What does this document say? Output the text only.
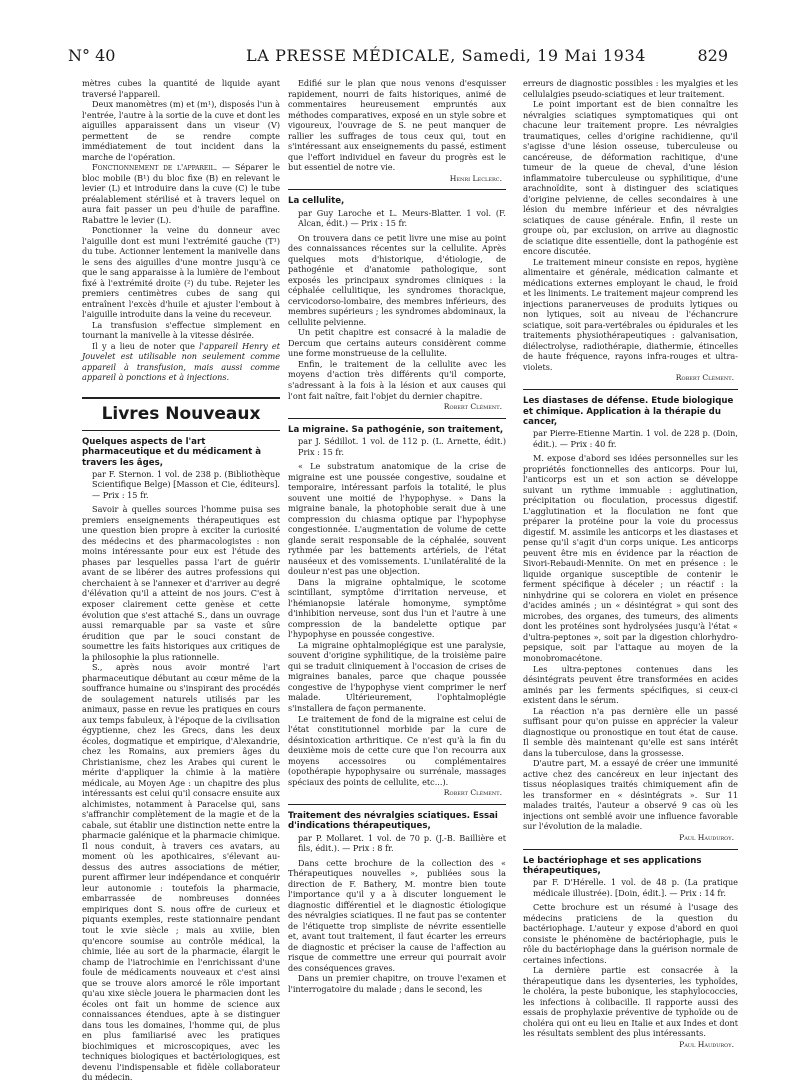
N° 40	LA PRESSE MÉDICALE, Samedi, 19 Mai 1934	829

mètres cubes la quantité de liquide ayant traversé l'appareil.

Deux manomètres (m) et (m¹), disposés l'un à l'entrée, l'autre à la sortie de la cuve et dont les aiguilles apparaissent dans un viseur (V) permettent de se rendre compte immédiatement de tout incident dans la marche de l'opération.

Fonctionnement de l'appareil. — Séparer le bloc mobile (B¹) du bloc fixe (B) en relevant le levier (L) et introduire dans la cuve (C) le tube préalablement stérilisé et à travers lequel on aura fait passer un peu d'huile de paraffine. Rabattre le levier (L).

Ponctionner la veine du donneur avec l'aiguille dont est muni l'extrémité gauche (T¹) du tube. Actionner lentement la manivelle dans le sens des aiguilles d'une montre jusqu'à ce que le sang apparaisse à la lumière de l'embout fixé à l'extrémité droite (²) du tube. Rejeter les premiers centimètres cubes de sang qui entraînent l'excès d'huile et ajuster l'embout à l'aiguille introduite dans la veine du receveur.

La transfusion s'effectue simplement en tournant la manivelle à la vitesse désirée.

Il y a lieu de noter que l'appareil Henry et Jouvelet est utilisable non seulement comme appareil à transfusion, mais aussi comme appareil à ponctions et à injections.

Livres Nouveaux
Quelques aspects de l'art pharmaceutique et du médicament à travers les âges,

par F. Sternon. 1 vol. de 238 p. (Bibliothèque Scientifique Belge) [Masson et Cie, éditeurs]. — Prix : 15 fr.

Savoir à quelles sources l'homme puisa ses premiers enseignements thérapeutiques est une question bien propre à exciter la curiosité des médecins et des pharmacologistes : non moins intéressante pour eux est l'étude des phases par lesquelles passa l'art de guérir avant de se libérer des autres professions qui cherchaient à se l'annexer et d'arriver au degré d'élévation qu'il a atteint de nos jours. C'est à exposer clairement cette genèse et cette évolution que s'est attaché S., dans un ouvrage aussi remarquable par sa vaste et sûre érudition que par le souci constant de soumettre les faits historiques aux critiques de la philosophie la plus rationnelle.

S., après nous avoir montré l'art pharmaceutique débutant au cœur même de la souffrance humaine ou s'inspirant des procédés de soulagement naturels utilisés par les animaux, passe en revue les pratiques en cours aux temps fabuleux, à l'époque de la civilisation égyptienne, chez les Grecs, dans les deux écoles, dogmatique et empirique, d'Alexandrie, chez les Romains, aux premiers âges du Christianisme, chez les Arabes qui curent le mérite d'appliquer la chimie à la matière médicale, au Moyen Age : un chapitre des plus intéressants est celui qu'il consacre ensuite aux alchimistes, notamment à Paracelse qui, sans s'affranchir complètement de la magie et de la cabale, sut établir une distinction nette entre la pharmacie galénique et la pharmacie chimique. Il nous conduit, à travers ces avatars, au moment où les apothicaires, s'élevant au-dessus des autres associations de métier, purent affirmer leur indépendance et conquérir leur autonomie : toutefois la pharmacie, embarrassée de nombreuses données empiriques dont S. nous offre de curieux et piquants exemples, reste stationnaire pendant tout le xvie siècle ; mais au xviiie, bien qu'encore soumise au contrôle médical, la chimie, liée au sort de la pharmacie, élargit le champ de l'iatrochimie en l'enrichissant d'une foule de médicaments nouveaux et c'est ainsi que se trouve alors amorcé le rôle important qu'au xixe siècle jouera le pharmacien dont les écoles ont fait un homme de science aux connaissances étendues, apte à se distinguer dans tous les domaines, l'homme qui, de plus en plus familiarisé avec les pratiques biochimiques et microscopiques, avec les techniques biologiques et bactériologiques, est devenu l'indispensable et fidèle collaborateur du médecin.

Edifié sur le plan que nous venons d'esquisser rapidement, nourri de faits historiques, animé de commentaires heureusement empruntés aux méthodes comparatives, exposé en un style sobre et vigoureux, l'ouvrage de S. ne peut manquer de rallier les suffrages de tous ceux qui, tout en s'intéressant aux enseignements du passé, estiment que l'effort individuel en faveur du progrès est le but essentiel de notre vie.

Henri Leclerc.

La cellulite,

par Guy Laroche et L. Meurs-Blatter. 1 vol. (F. Alcan, édit.) — Prix : 15 fr.

On trouvera dans ce petit livre une mise au point des connaissances récentes sur la cellulite. Après quelques mots d'historique, d'étiologie, de pathogénie et d'anatomie pathologique, sont exposés les principaux syndromes cliniques : la céphalée cellulitique, les syndromes thoracique, cervicodorso-lombaire, des membres inférieurs, des membres supérieurs ; les syndromes abdominaux, la cellulite pelvienne.

Un petit chapitre est consacré à la maladie de Dercum que certains auteurs considèrent comme une forme monstrueuse de la cellulite.

Enfin, le traitement de la cellulite avec les moyens d'action très différents qu'il comporte, s'adressant à la fois à la lésion et aux causes qui l'ont fait naître, fait l'objet du dernier chapitre.

Robert Clément.

La migraine. Sa pathogénie, son traitement,

par J. Sédillot. 1 vol. de 112 p. (L. Arnette, édit.) Prix : 15 fr.

« Le substratum anatomique de la crise de migraine est une poussée congestive, soudaine et temporaire, intéressant parfois la totalité, le plus souvent une moitié de l'hypophyse. » Dans la migraine banale, la photophobie serait due à une compression du chiasma optique par l'hypophyse congestionnée. L'augmentation de volume de cette glande serait responsable de la céphalée, souvent rythmée par les battements artériels, de l'état nauséeux et des vomissements. L'unilatéralité de la douleur n'est pas une objection.

Dans la migraine ophtalmique, le scotome scintillant, symptôme d'irritation nerveuse, et l'hémianopsie latérale homonyme, symptôme d'inhibition nerveuse, sont dus l'un et l'autre à une compression de la bandelette optique par l'hypophyse en poussée congestive.

La migraine ophtalmoplégique est une paralysie, souvent d'origine syphilitique, de la troisième paire qui se traduit cliniquement à l'occasion de crises de migraines banales, parce que chaque poussée congestive de l'hypophyse vient comprimer le nerf malade. Ultérieurement, l'ophtalmoplégie s'installera de façon permanente.

Le traitement de fond de la migraine est celui de l'état constitutionnel morbide par la cure de désintoxication arthritique. Ce n'est qu'à la fin du deuxième mois de cette cure que l'on recourra aux moyens accessoires ou complémentaires (opothérapie hypophysaire ou surrénale, massages spéciaux des points de cellulite, etc...).

Robert Clément.

Traitement des névralgies sciatiques. Essai d'indications thérapeutiques,

par P. Mollaret. 1 vol. de 70 p. (J.-B. Baillière et fils, édit.). — Prix : 8 fr.

Dans cette brochure de la collection des « Thérapeutiques nouvelles », publiées sous la direction de F. Bathery, M. montre bien toute l'importance qu'il y a à discuter longuement le diagnostic différentiel et le diagnostic étiologique des névralgies sciatiques. Il ne faut pas se contenter de l'étiquette trop simpliste de névrite essentielle et, avant tout traitement, il faut écarter les erreurs de diagnostic et préciser la cause de l'affection au risque de commettre une erreur qui pourrait avoir des conséquences graves.

Dans un premier chapitre, on trouve l'examen et l'interrogatoire du malade ; dans le second, les

erreurs de diagnostic possibles : les myalgies et les cellulalgies pseudo-sciatiques et leur traitement.

Le point important est de bien connaître les névralgies sciatiques symptomatiques qui ont chacune leur traitement propre. Les névralgies traumatiques, celles d'origine rachidienne, qu'il s'agisse d'une lésion osseuse, tuberculeuse ou cancéreuse, de déformation rachitique, d'une tumeur de la queue de cheval, d'une lésion inflammatoire tuberculeuse ou syphilitique, d'une arachnoïdite, sont à distinguer des sciatiques d'origine pelvienne, de celles secondaires à une lésion du membre inférieur et des névralgies sciatiques de cause générale. Enfin, il reste un groupe où, par exclusion, on arrive au diagnostic de sciatique dite essentielle, dont la pathogénie est encore discutée.

Le traitement mineur consiste en repos, hygiène alimentaire et générale, médication calmante et médications externes employant le chaud, le froid et les liniments. Le traitement majeur comprend les injections paranerveuses de produits lytiques ou non lytiques, soit au niveau de l'échancrure sciatique, soit para-vertébrales ou épidurales et les traitements physiothérapeutiques : galvanisation, diélectrolyse, radiothérapie, diathermie, étincelles de haute fréquence, rayons infra-rouges et ultra-violets.

Robert Clément.

Les diastases de défense. Etude biologique et chimique. Application à la thérapie du cancer,

par Pierre-Etienne Martin. 1 vol. de 228 p. (Doin, édit.). — Prix : 40 fr.

M. expose d'abord ses idées personnelles sur les propriétés fonctionnelles des anticorps. Pour lui, l'anticorps est un et son action se développe suivant un rythme immuable : agglutination, précipitation ou floculation, processus digestif. L'agglutination et la floculation ne font que préparer la protéine pour la voie du processus digestif. M. assimile les anticorps et les diastases et pense qu'il s'agit d'un corps unique. Les anticorps peuvent être mis en évidence par la réaction de Sivori-Rebaudi-Mennite. On met en présence : le liquide organique susceptible de contenir le ferment spécifique à déceler ; un réactif : la ninhydrine qui se colorera en violet en présence d'acides aminés ; un « désintégrat » qui sont des microbes, des organes, des tumeurs, des aliments dont les protéines sont hydrolysées jusqu'à l'état « d'ultra-peptones », soit par la digestion chlorhydro-pepsique, soit par l'attaque au moyen de la monobromacétone.

Les ultra-peptones contenues dans les désintégrats peuvent être transformées en acides aminés par les ferments spécifiques, si ceux-ci existent dans le sérum.

La réaction n'a pas dernière elle un passé suffisant pour qu'on puisse en apprécier la valeur diagnostique ou pronostique en tout état de cause. Il semble dès maintenant qu'elle est sans intérêt dans la tuberculose, dans la grossesse.

D'autre part, M. a essayé de créer une immunité active chez des cancéreux en leur injectant des tissus néoplasiques traités chimiquement afin de les transformer en « désintégrats ». Sur 11 malades traités, l'auteur a observé 9 cas où les injections ont semblé avoir une influence favorable sur l'évolution de la maladie.

Paul Hauduroy.

Le bactériophage et ses applications thérapeutiques,

par F. D'Hérelle. 1 vol. de 48 p. (La pratique médicale illustrée). [Doin, édit.]. — Prix : 14 fr.

Cette brochure est un résumé à l'usage des médecins praticiens de la question du bactériophage. L'auteur y expose d'abord en quoi consiste le phénomène de bactériophagie, puis le rôle du bactériophage dans la guérison normale de certaines infections.

La dernière partie est consacrée à la thérapeutique dans les dysenteries, les typhoïdes, le choléra, la peste bubonique, les staphylococcies, les infections à colibacille. Il rapporte aussi des essais de prophylaxie préventive de typhoïde ou de choléra qui ont eu lieu en Italie et aux Indes et dont les résultats semblent des plus intéressants.

Paul Hauduroy.
